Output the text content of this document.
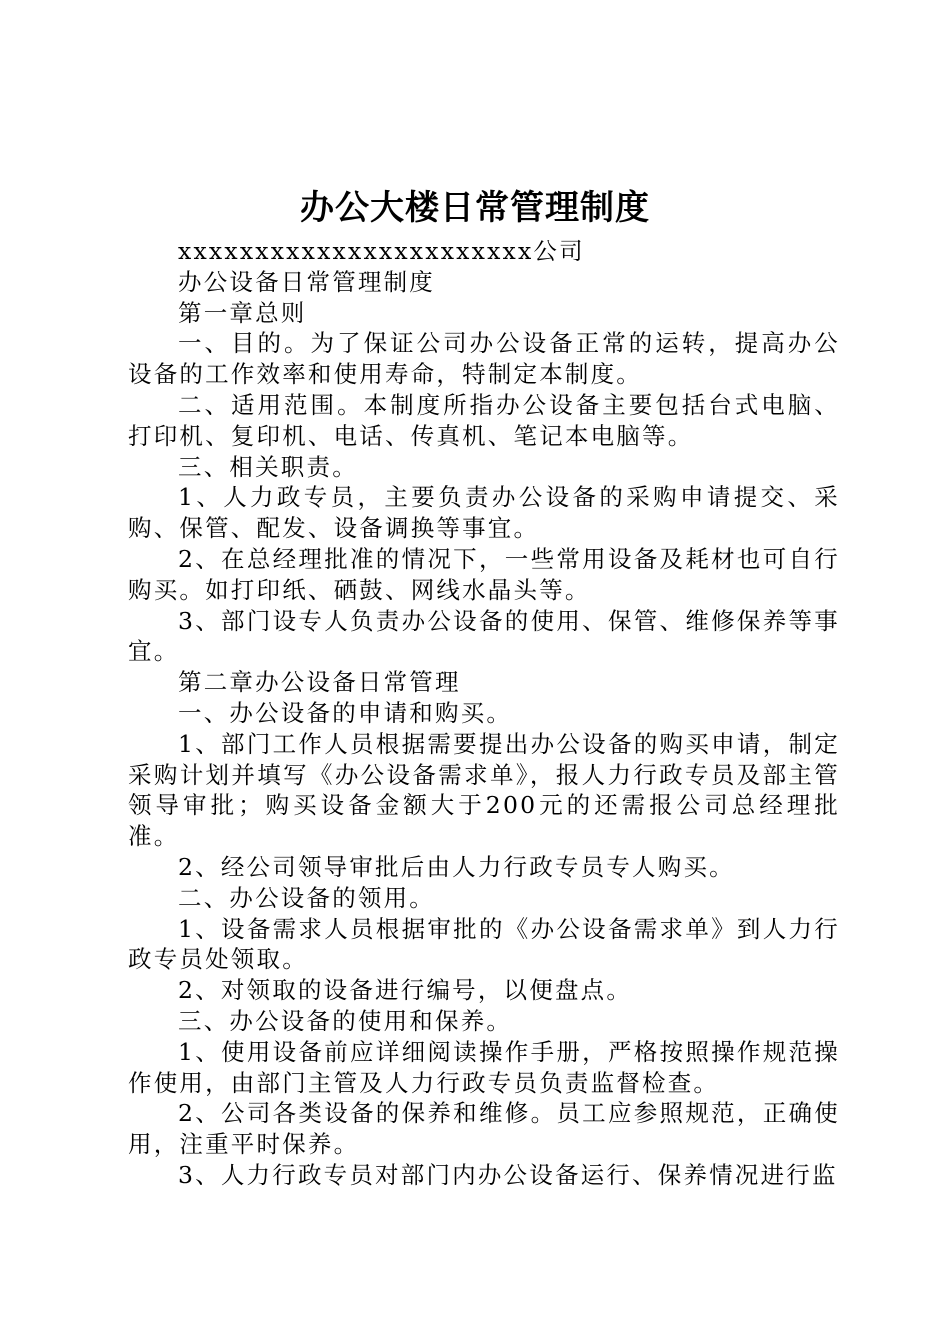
办公大楼日常管理制度

xxxxxxxxxxxxxxxxxxxxxxx公司

办公设备日常管理制度

第一章总则

一、目的。为了保证公司办公设备正常的运转，提高办公设备的工作效率和使用寿命，特制定本制度。

二、适用范围。本制度所指办公设备主要包括台式电脑、打印机、复印机、电话、传真机、笔记本电脑等。

三、相关职责。

1、人力政专员，主要负责办公设备的采购申请提交、采购、保管、配发、设备调换等事宜。

2、在总经理批准的情况下，一些常用设备及耗材也可自行购买。如打印纸、硒鼓、网线水晶头等。

3、部门设专人负责办公设备的使用、保管、维修保养等事宜。

第二章办公设备日常管理

一、办公设备的申请和购买。

1、部门工作人员根据需要提出办公设备的购买申请，制定采购计划并填写《办公设备需求单》，报人力行政专员及部主管领导审批；购买设备金额大于200元的还需报公司总经理批准。

2、经公司领导审批后由人力行政专员专人购买。

二、办公设备的领用。

1、设备需求人员根据审批的《办公设备需求单》到人力行政专员处领取。

2、对领取的设备进行编号，以便盘点。

三、办公设备的使用和保养。

1、使用设备前应详细阅读操作手册，严格按照操作规范操作使用，由部门主管及人力行政专员负责监督检查。

2、公司各类设备的保养和维修。员工应参照规范，正确使用，注重平时保养。

3、人力行政专员对部门内办公设备运行、保养情况进行监
